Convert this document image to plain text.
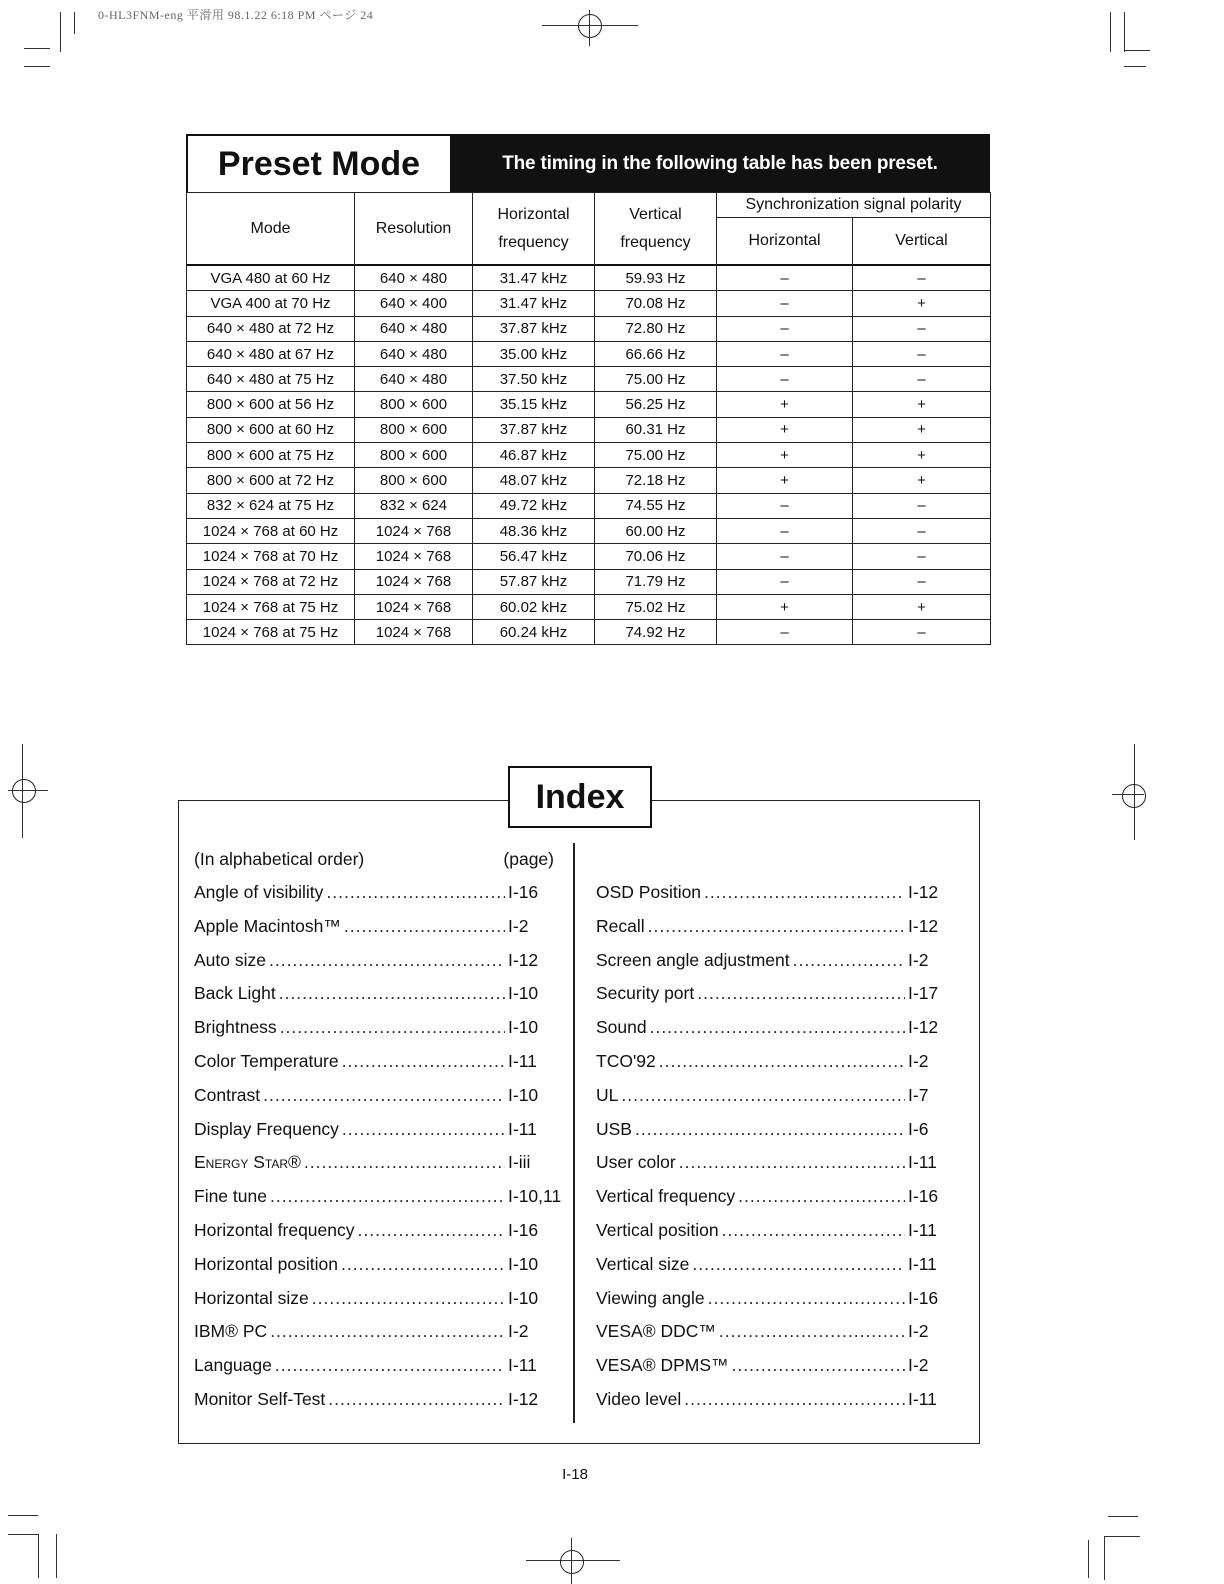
0-HL3FNM-eng 平滑用 98.1.22 6:18 PM ページ 24
Preset Mode	The timing in the following table has been preset.
Mode	Resolution	Horizontal frequency	Vertical frequency	Synchronization signal polarity	
				Horizontal	Vertical
VGA 480 at 60 Hz	640 × 480	31.47 kHz	59.93 Hz	–	–
VGA 400 at 70 Hz	640 × 400	31.47 kHz	70.08 Hz	–	+
640 × 480 at 72 Hz	640 × 480	37.87 kHz	72.80 Hz	–	–
640 × 480 at 67 Hz	640 × 480	35.00 kHz	66.66 Hz	–	–
640 × 480 at 75 Hz	640 × 480	37.50 kHz	75.00 Hz	–	–
800 × 600 at 56 Hz	800 × 600	35.15 kHz	56.25 Hz	+	+
800 × 600 at 60 Hz	800 × 600	37.87 kHz	60.31 Hz	+	+
800 × 600 at 75 Hz	800 × 600	46.87 kHz	75.00 Hz	+	+
800 × 600 at 72 Hz	800 × 600	48.07 kHz	72.18 Hz	+	+
832 × 624 at 75 Hz	832 × 624	49.72 kHz	74.55 Hz	–	–
1024 × 768 at 60 Hz	1024 × 768	48.36 kHz	60.00 Hz	–	–
1024 × 768 at 70 Hz	1024 × 768	56.47 kHz	70.06 Hz	–	–
1024 × 768 at 72 Hz	1024 × 768	57.87 kHz	71.79 Hz	–	–
1024 × 768 at 75 Hz	1024 × 768	60.02 kHz	75.02 Hz	+	+
1024 × 768 at 75 Hz	1024 × 768	60.24 kHz	74.92 Hz	–	–
Index
(In alphabetical order)	(page)
Angle of visibility .....	I-16
Apple Macintosh™ .....	I-2
Auto size .....	I-12
Back Light .....	I-10
Brightness .....	I-10
Color Temperature .....	I-11
Contrast .....	I-10
Display Frequency .....	I-11
Energy Star® .....	I-iii
Fine tune .....	I-10,11
Horizontal frequency .....	I-16
Horizontal position .....	I-10
Horizontal size .....	I-10
IBM® PC .....	I-2
Language .....	I-11
Monitor Self-Test .....	I-12
OSD Position .....	I-12
Recall .....	I-12
Screen angle adjustment .....	I-2
Security port .....	I-17
Sound .....	I-12
TCO'92 .....	I-2
UL .....	I-7
USB .....	I-6
User color .....	I-11
Vertical frequency .....	I-16
Vertical position .....	I-11
Vertical size .....	I-11
Viewing angle .....	I-16
VESA® DDC™ .....	I-2
VESA® DPMS™ .....	I-2
Video level .....	I-11
I-18
